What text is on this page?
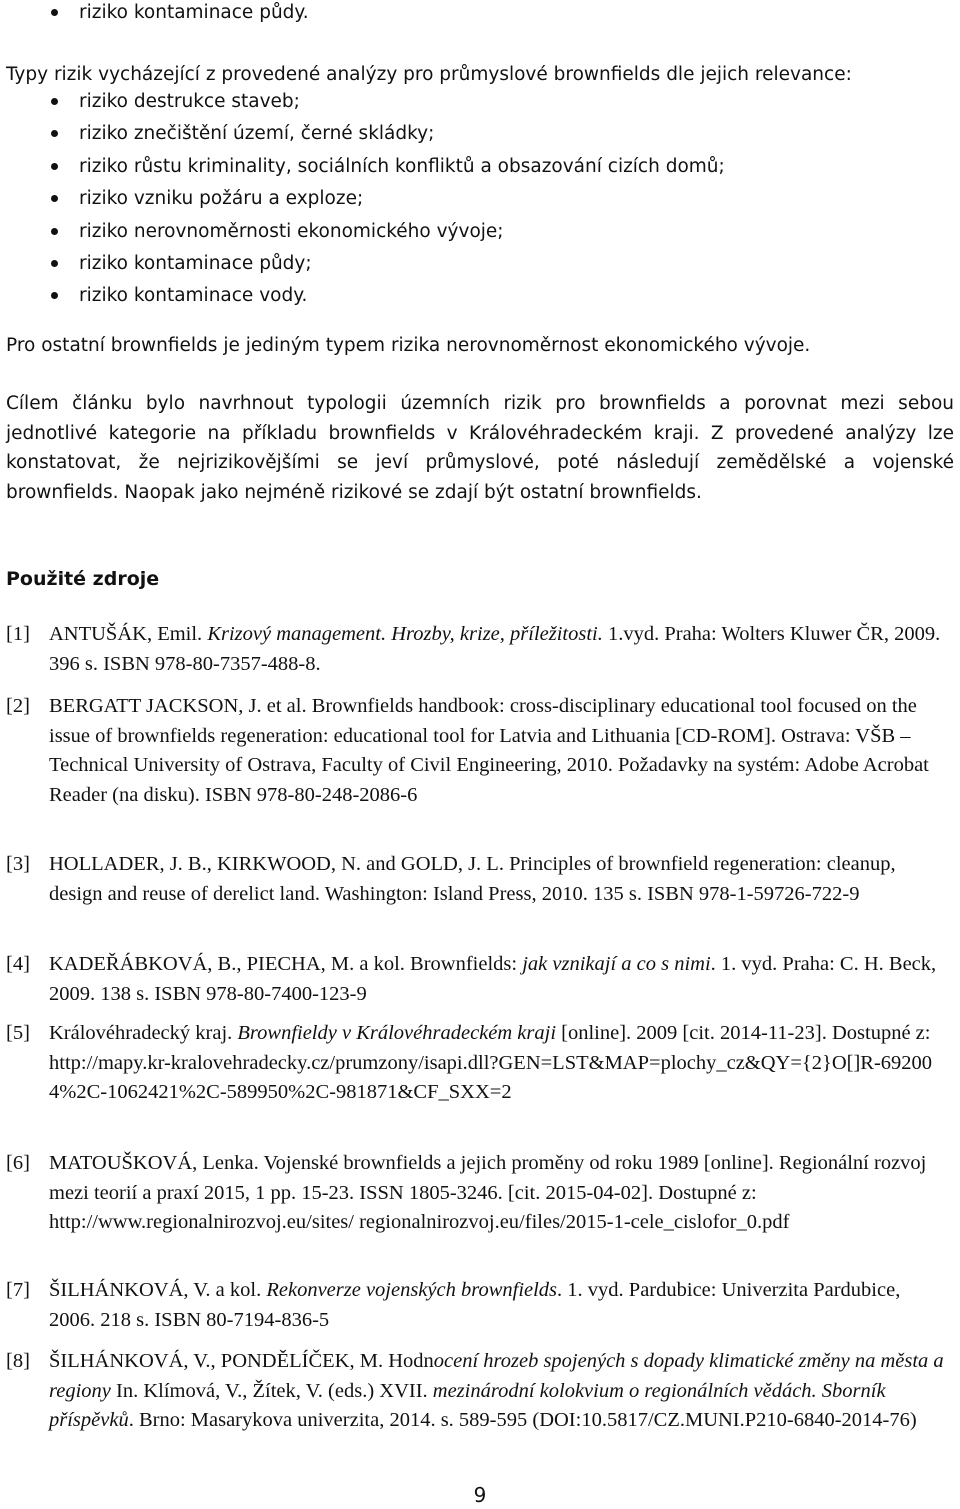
riziko kontaminace půdy.

Typy rizik vycházející z provedené analýzy pro průmyslové brownfields dle jejich relevance:

riziko destrukce staveb;
riziko znečištění území, černé skládky;
riziko růstu kriminality, sociálních konfliktů a obsazování cizích domů;
riziko vzniku požáru a exploze;
riziko nerovnoměrnosti ekonomického vývoje;
riziko kontaminace půdy;
riziko kontaminace vody.

Pro ostatní brownfields je jediným typem rizika nerovnoměrnost ekonomického vývoje.

Cílem článku bylo navrhnout typologii územních rizik pro brownfields a porovnat mezi sebou jednotlivé kategorie na příkladu brownfields v Královéhradeckém kraji. Z provedené analýzy lze konstatovat, že nejrizikovějšími se jeví průmyslové, poté následují zemědělské a vojenské brownfields. Naopak jako nejméně rizikové se zdají být ostatní brownfields.

Použité zdroje

[1] ANTUŠÁK, Emil. Krizový management. Hrozby, krize, příležitosti. 1.vyd. Praha: Wolters Kluwer ČR, 2009. 396 s. ISBN 978-80-7357-488-8.
[2] BERGATT JACKSON, J. et al. Brownfields handbook: cross-disciplinary educational tool focused on the issue of brownfields regeneration: educational tool for Latvia and Lithuania [CD-ROM]. Ostrava: VŠB – Technical University of Ostrava, Faculty of Civil Engineering, 2010. Požadavky na systém: Adobe Acrobat Reader (na disku). ISBN 978-80-248-2086-6
[3] HOLLADER, J. B., KIRKWOOD, N. and GOLD, J. L. Principles of brownfield regeneration: cleanup, design and reuse of derelict land. Washington: Island Press, 2010. 135 s. ISBN 978-1-59726-722-9
[4] KADEŘÁBKOVÁ, B., PIECHA, M. a kol. Brownfields: jak vznikají a co s nimi. 1. vyd. Praha: C. H. Beck, 2009. 138 s. ISBN 978-80-7400-123-9
[5] Královéhradecký kraj. Brownfieldy v Královéhradeckém kraji [online]. 2009 [cit. 2014-11-23]. Dostupné z: http://mapy.kr-kralovehradecky.cz/prumzony/isapi.dll?GEN=LST&MAP=plochy_cz&QY={2}O[]R-692004%2C-1062421%2C-589950%2C-981871&CF_SXX=2
[6] MATOUŠKOVÁ, Lenka. Vojenské brownfields a jejich proměny od roku 1989 [online]. Regionální rozvoj mezi teorií a praxí 2015, 1 pp. 15-23. ISSN 1805-3246. [cit. 2015-04-02]. Dostupné z: http://www.regionalnirozvoj.eu/sites/ regionalnirozvoj.eu/files/2015-1-cele_cislofor_0.pdf
[7] ŠILHÁNKOVÁ, V. a kol. Rekonverze vojenských brownfields. 1. vyd. Pardubice: Univerzita Pardubice, 2006. 218 s. ISBN 80-7194-836-5
[8] ŠILHÁNKOVÁ, V., PONDĚLÍČEK, M. Hodnocení hrozeb spojených s dopady klimatické změny na města a regiony In. Klímová, V., Žítek, V. (eds.) XVII. mezinárodní kolokvium o regionálních vědách. Sborník příspěvků. Brno: Masarykova univerzita, 2014. s. 589-595 (DOI:10.5817/CZ.MUNI.P210-6840-2014-76)
9
